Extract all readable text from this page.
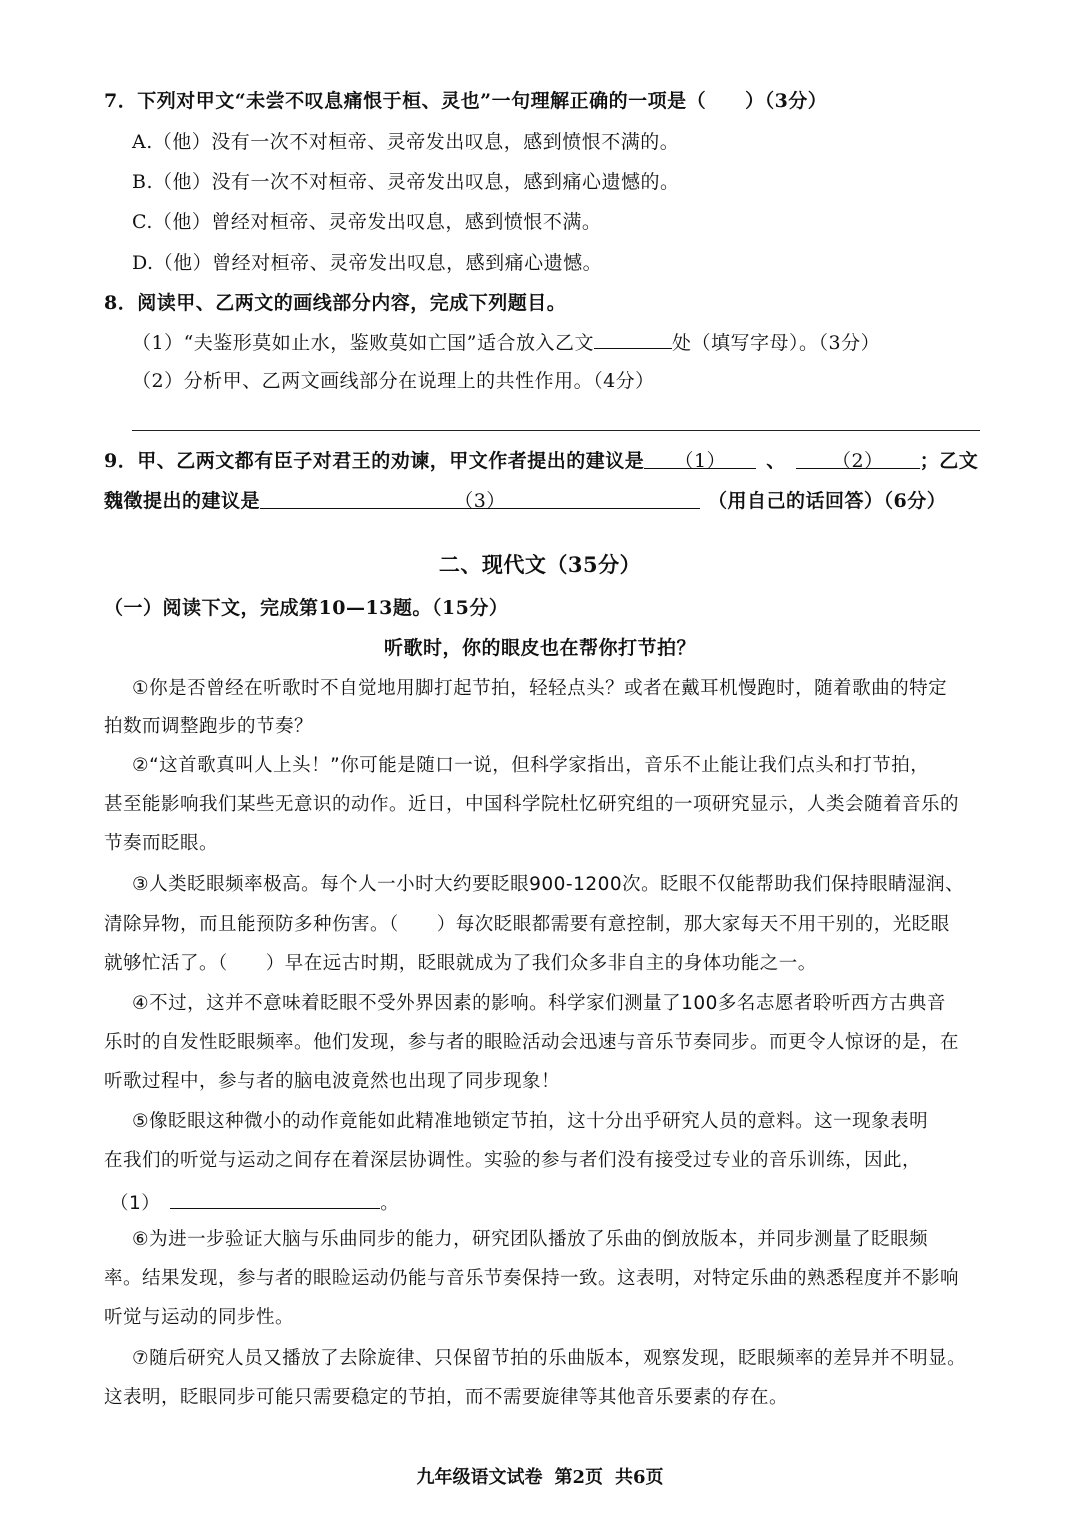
7．下列对甲文“未尝不叹息痛恨于桓、灵也”一句理解正确的一项是（　　）（3分）
A.（他）没有一次不对桓帝、灵帝发出叹息，感到愤恨不满的。
B.（他）没有一次不对桓帝、灵帝发出叹息，感到痛心遗憾的。
C.（他）曾经对桓帝、灵帝发出叹息，感到愤恨不满。
D.（他）曾经对桓帝、灵帝发出叹息，感到痛心遗憾。
8．阅读甲、乙两文的画线部分内容，完成下列题目。
（1）“夫鉴形莫如止水，鉴败莫如亡国”适合放入乙文	处（填写字母）。（3分）
（2）分析甲、乙两文画线部分在说理上的共性作用。（4分）
9．甲、乙两文都有臣子对君王的劝谏，甲文作者提出的建议是 （1） 、 （2） ；乙文
魏徵提出的建议是	（3）	（用自己的话回答）（6分）
二、现代文（35分）
（一）阅读下文，完成第10—13题。（15分）
听歌时，你的眼皮也在帮你打节拍？
①你是否曾经在听歌时不自觉地用脚打起节拍，轻轻点头？或者在戴耳机慢跑时，随着歌曲的特定
拍数而调整跑步的节奏？
②“这首歌真叫人上头！”你可能是随口一说，但科学家指出，音乐不止能让我们点头和打节拍，
甚至能影响我们某些无意识的动作。近日，中国科学院杜忆研究组的一项研究显示，人类会随着音乐的
节奏而眨眼。
③人类眨眼频率极高。每个人一小时大约要眨眼900-1200次。眨眼不仅能帮助我们保持眼睛湿润、
清除异物，而且能预防多种伤害。（　　）每次眨眼都需要有意控制，那大家每天不用干别的，光眨眼
就够忙活了。（　　）早在远古时期，眨眼就成为了我们众多非自主的身体功能之一。
④不过，这并不意味着眨眼不受外界因素的影响。科学家们测量了100多名志愿者聆听西方古典音
乐时的自发性眨眼频率。他们发现，参与者的眼睑活动会迅速与音乐节奏同步。而更令人惊讶的是，在
听歌过程中，参与者的脑电波竟然也出现了同步现象！
⑤像眨眼这种微小的动作竟能如此精准地锁定节拍，这十分出乎研究人员的意料。这一现象表明
在我们的听觉与运动之间存在着深层协调性。实验的参与者们没有接受过专业的音乐训练，因此，
（1）	。
⑥为进一步验证大脑与乐曲同步的能力，研究团队播放了乐曲的倒放版本，并同步测量了眨眼频
率。结果发现，参与者的眼睑运动仍能与音乐节奏保持一致。这表明，对特定乐曲的熟悉程度并不影响
听觉与运动的同步性。
⑦随后研究人员又播放了去除旋律、只保留节拍的乐曲版本，观察发现，眨眼频率的差异并不明显。
这表明，眨眼同步可能只需要稳定的节拍，而不需要旋律等其他音乐要素的存在。
九年级语文试卷 第2页 共6页
